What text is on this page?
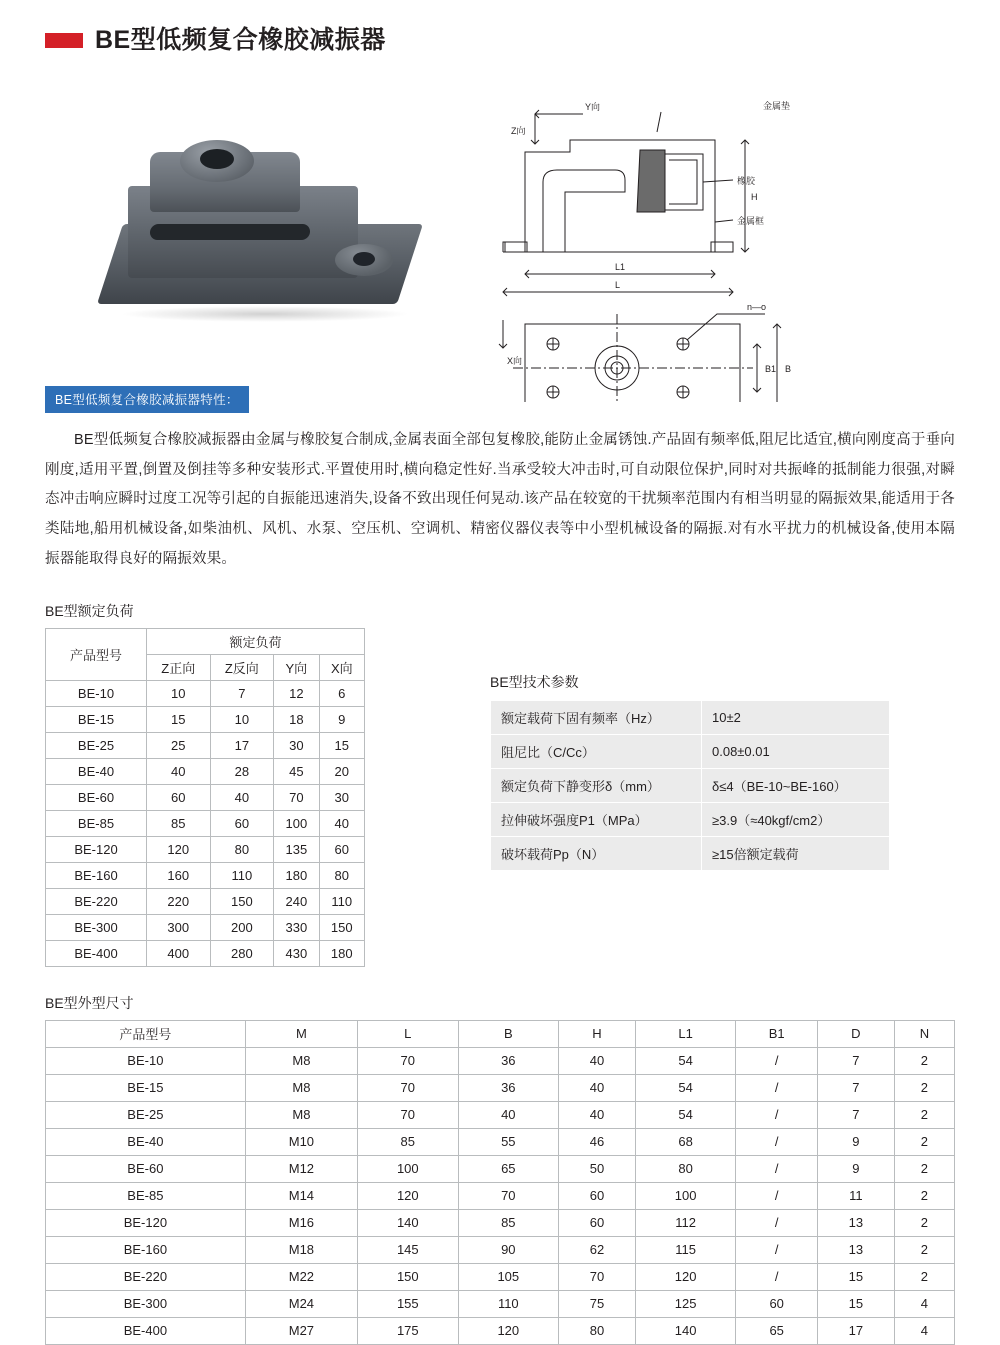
BE型低频复合橡胶减振器
金属垫
橡胶
金属框
Y向
Z向
X向
H
L1
L
B1 B
n—o
BE型低频复合橡胶减振器特性：
BE型低频复合橡胶减振器由金属与橡胶复合制成,金属表面全部包复橡胶,能防止金属锈蚀.产品固有频率低,阻尼比适宜,横向刚度高于垂向刚度,适用平置,倒置及倒挂等多种安装形式.平置使用时,横向稳定性好.当承受较大冲击时,可自动限位保护,同时对共振峰的抵制能力很强,对瞬态冲击响应瞬时过度工况等引起的自振能迅速消失,设备不致出现任何晃动.该产品在较宽的干扰频率范围内有相当明显的隔振效果,能适用于各类陆地,船用机械设备,如柴油机、风机、水泵、空压机、空调机、精密仪器仪表等中小型机械设备的隔振.对有水平扰力的机械设备,使用本隔振器能取得良好的隔振效果。
BE型额定负荷
产品型号	额定负荷			
	Z正向	Z反向	Y向	X向
BE-10	10	7	12	6
BE-15	15	10	18	9
BE-25	25	17	30	15
BE-40	40	28	45	20
BE-60	60	40	70	30
BE-85	85	60	100	40
BE-120	120	80	135	60
BE-160	160	110	180	80
BE-220	220	150	240	110
BE-300	300	200	330	150
BE-400	400	280	430	180
BE型技术参数
额定载荷下固有频率（Hz）	10±2
阻尼比（C/Cc）	0.08±0.01
额定负荷下静变形δ（mm）	δ≤4（BE-10~BE-160）
拉伸破坏强度P1（MPa）	≥3.9（≈40kgf/cm2）
破坏载荷Pp（N）	≥15倍额定载荷
BE型外型尺寸
产品型号	M	L	B	H	L1	B1	D	N
BE-10	M8	70	36	40	54	/	7	2
BE-15	M8	70	36	40	54	/	7	2
BE-25	M8	70	40	40	54	/	7	2
BE-40	M10	85	55	46	68	/	9	2
BE-60	M12	100	65	50	80	/	9	2
BE-85	M14	120	70	60	100	/	11	2
BE-120	M16	140	85	60	112	/	13	2
BE-160	M18	145	90	62	115	/	13	2
BE-220	M22	150	105	70	120	/	15	2
BE-300	M24	155	110	75	125	60	15	4
BE-400	M27	175	120	80	140	65	17	4
